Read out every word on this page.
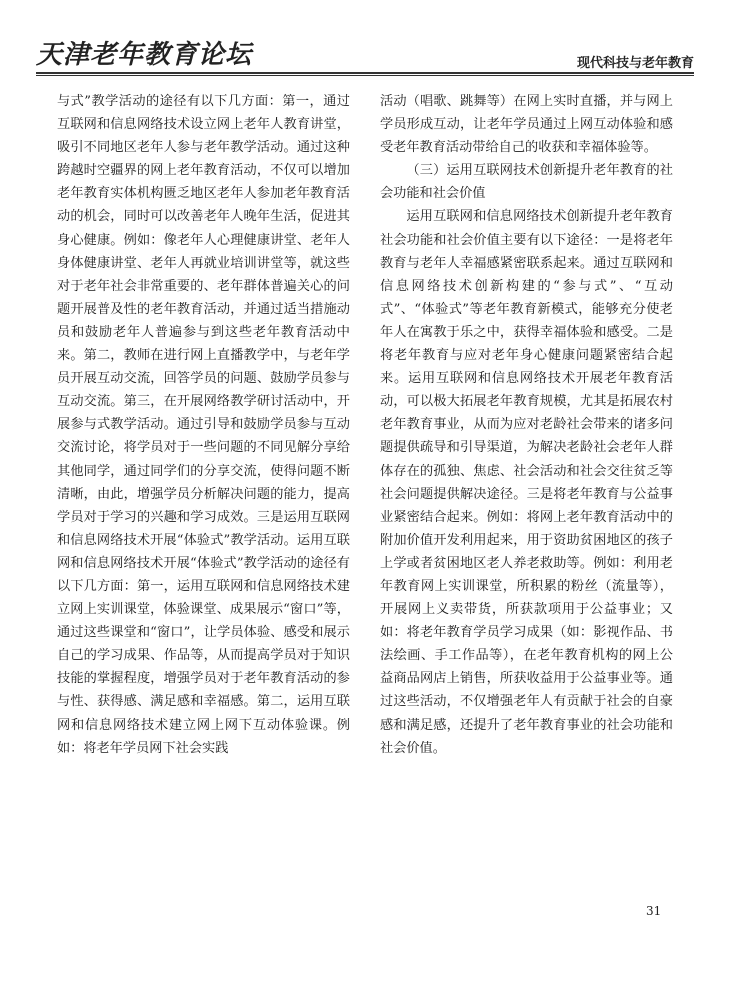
天津老年教育论坛	现代科技与老年教育

与式”教学活动的途径有以下几方面：第一，通过互联网和信息网络技术设立网上老年人教育讲堂，吸引不同地区老年人参与老年教学活动。通过这种跨越时空疆界的网上老年教育活动，不仅可以增加老年教育实体机构匮乏地区老年人参加老年教育活动的机会，同时可以改善老年人晚年生活，促进其身心健康。例如：像老年人心理健康讲堂、老年人身体健康讲堂、老年人再就业培训讲堂等，就这些对于老年社会非常重要的、老年群体普遍关心的问题开展普及性的老年教育活动，并通过适当措施动员和鼓励老年人普遍参与到这些老年教育活动中来。第二，教师在进行网上直播教学中，与老年学员开展互动交流，回答学员的问题、鼓励学员参与互动交流。第三，在开展网络教学研讨活动中，开展参与式教学活动。通过引导和鼓励学员参与互动交流讨论，将学员对于一些问题的不同见解分享给其他同学，通过同学们的分享交流，使得问题不断清晰，由此，增强学员分析解决问题的能力，提高学员对于学习的兴趣和学习成效。三是运用互联网和信息网络技术开展“体验式”教学活动。运用互联网和信息网络技术开展“体验式”教学活动的途径有以下几方面：第一，运用互联网和信息网络技术建立网上实训课堂，体验课堂、成果展示“窗口”等，通过这些课堂和“窗口”，让学员体验、感受和展示自己的学习成果、作品等，从而提高学员对于知识技能的掌握程度，增强学员对于老年教育活动的参与性、获得感、满足感和幸福感。第二，运用互联网和信息网络技术建立网上网下互动体验课。例如：将老年学员网下社会实践

活动（唱歌、跳舞等）在网上实时直播，并与网上学员形成互动，让老年学员通过上网互动体验和感受老年教育活动带给自己的收获和幸福体验等。

（三）运用互联网技术创新提升老年教育的社会功能和社会价值

运用互联网和信息网络技术创新提升老年教育社会功能和社会价值主要有以下途径：一是将老年教育与老年人幸福感紧密联系起来。通过互联网和信息网络技术创新构建的“参与式”、“互动式”、“体验式”等老年教育新模式，能够充分使老年人在寓教于乐之中，获得幸福体验和感受。二是将老年教育与应对老年身心健康问题紧密结合起来。运用互联网和信息网络技术开展老年教育活动，可以极大拓展老年教育规模，尤其是拓展农村老年教育事业，从而为应对老龄社会带来的诸多问题提供疏导和引导渠道，为解决老龄社会老年人群体存在的孤独、焦虑、社会活动和社会交往贫乏等社会问题提供解决途径。三是将老年教育与公益事业紧密结合起来。例如：将网上老年教育活动中的附加价值开发利用起来，用于资助贫困地区的孩子上学或者贫困地区老人养老救助等。例如：利用老年教育网上实训课堂，所积累的粉丝（流量等），开展网上义卖带货，所获款项用于公益事业；又如：将老年教育学员学习成果（如：影视作品、书法绘画、手工作品等），在老年教育机构的网上公益商品网店上销售，所获收益用于公益事业等。通过这些活动，不仅增强老年人有贡献于社会的自豪感和满足感，还提升了老年教育事业的社会功能和社会价值。

31
